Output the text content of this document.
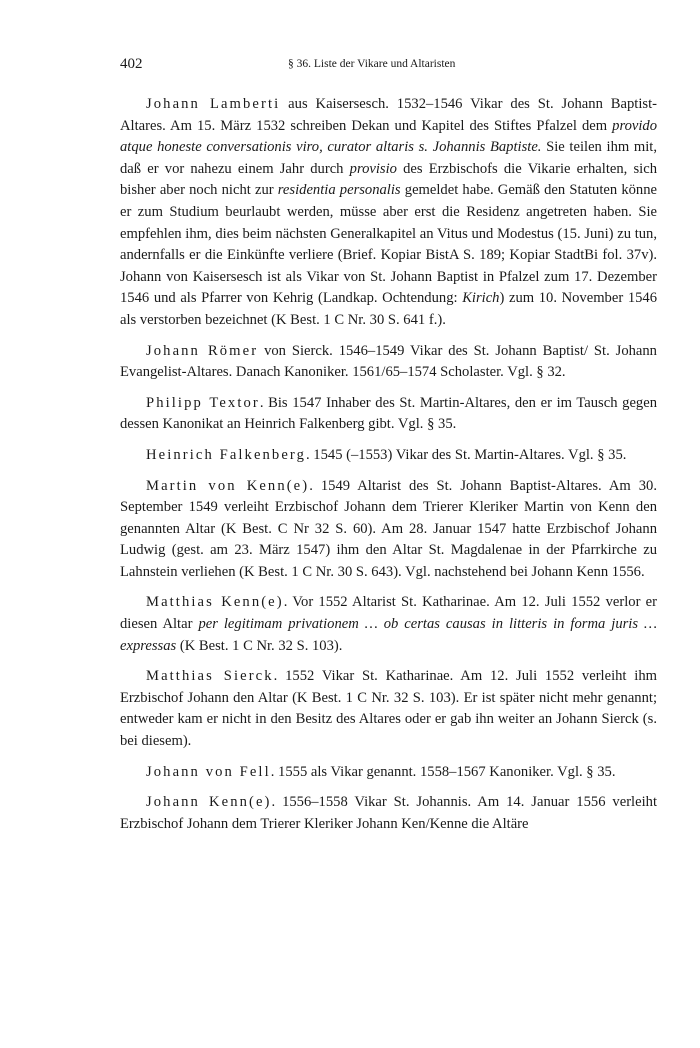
402	§ 36. Liste der Vikare und Altaristen

Johann Lamberti aus Kaisersesch. 1532–1546 Vikar des St. Johann Baptist-Altares. Am 15. März 1532 schreiben Dekan und Kapitel des Stiftes Pfalzel dem provido atque honeste conversationis viro, curator altaris s. Johannis Baptiste. Sie teilen ihm mit, daß er vor nahezu einem Jahr durch provisio des Erzbischofs die Vikarie erhalten, sich bisher aber noch nicht zur residentia personalis gemeldet habe. Gemäß den Statuten könne er zum Studium beurlaubt werden, müsse aber erst die Residenz angetreten haben. Sie empfehlen ihm, dies beim nächsten Generalkapitel an Vitus und Modestus (15. Juni) zu tun, andernfalls er die Einkünfte verliere (Brief. Kopiar BistA S. 189; Kopiar StadtBi fol. 37v). Johann von Kaisersesch ist als Vikar von St. Johann Baptist in Pfalzel zum 17. Dezember 1546 und als Pfarrer von Kehrig (Landkap. Ochtendung: Kirich) zum 10. November 1546 als verstorben bezeichnet (K Best. 1 C Nr. 30 S. 641 f.).

Johann Römer von Sierck. 1546–1549 Vikar des St. Johann Baptist/ St. Johann Evangelist-Altares. Danach Kanoniker. 1561/65–1574 Scholaster. Vgl. § 32.

Philipp Textor. Bis 1547 Inhaber des St. Martin-Altares, den er im Tausch gegen dessen Kanonikat an Heinrich Falkenberg gibt. Vgl. § 35.

Heinrich Falkenberg. 1545 (–1553) Vikar des St. Martin-Altares. Vgl. § 35.

Martin von Kenn(e). 1549 Altarist des St. Johann Baptist-Altares. Am 30. September 1549 verleiht Erzbischof Johann dem Trierer Kleriker Martin von Kenn den genannten Altar (K Best. C Nr 32 S. 60). Am 28. Januar 1547 hatte Erzbischof Johann Ludwig (gest. am 23. März 1547) ihm den Altar St. Magdalenae in der Pfarrkirche zu Lahnstein verliehen (K Best. 1 C Nr. 30 S. 643). Vgl. nachstehend bei Johann Kenn 1556.

Matthias Kenn(e). Vor 1552 Altarist St. Katharinae. Am 12. Juli 1552 verlor er diesen Altar per legitimam privationem … ob certas causas in litteris in forma juris … expressas (K Best. 1 C Nr. 32 S. 103).

Matthias Sierck. 1552 Vikar St. Katharinae. Am 12. Juli 1552 verleiht ihm Erzbischof Johann den Altar (K Best. 1 C Nr. 32 S. 103). Er ist später nicht mehr genannt; entweder kam er nicht in den Besitz des Altares oder er gab ihn weiter an Johann Sierck (s. bei diesem).

Johann von Fell. 1555 als Vikar genannt. 1558–1567 Kanoniker. Vgl. § 35.

Johann Kenn(e). 1556–1558 Vikar St. Johannis. Am 14. Januar 1556 verleiht Erzbischof Johann dem Trierer Kleriker Johann Ken/Kenne die Altäre
